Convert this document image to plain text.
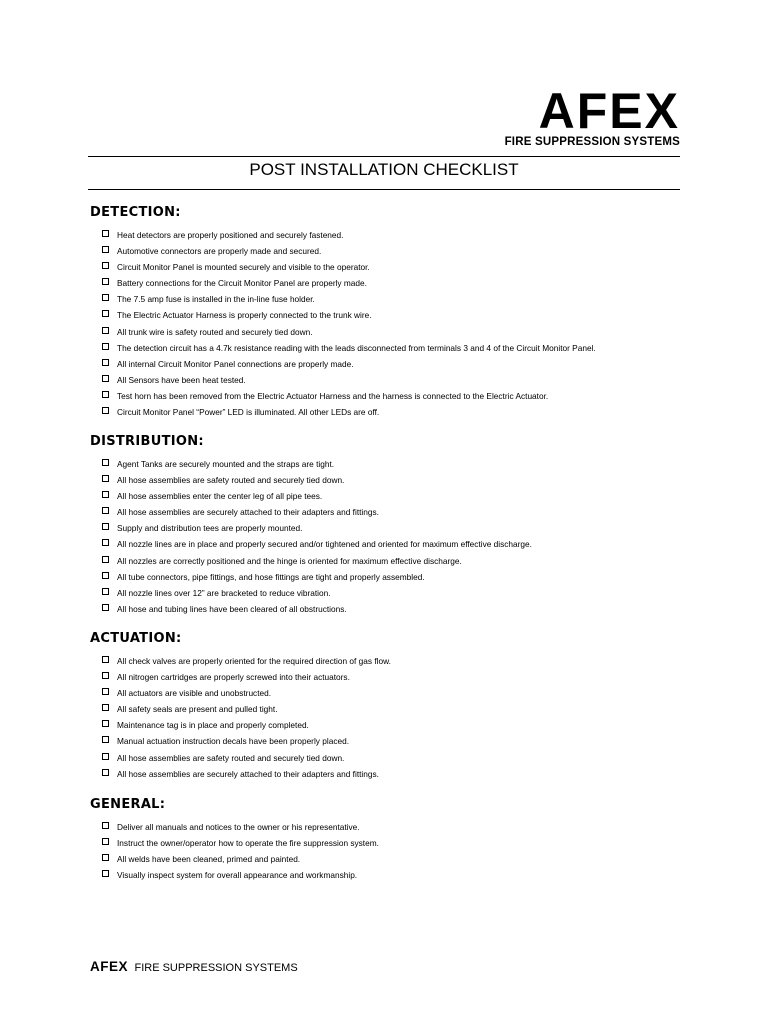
AFEX
FIRE SUPPRESSION SYSTEMS
POST INSTALLATION CHECKLIST
DETECTION:
Heat detectors are properly positioned and securely fastened.
Automotive connectors are properly made and secured.
Circuit Monitor Panel is mounted securely and visible to the operator.
Battery connections for the Circuit Monitor Panel are properly made.
The 7.5 amp fuse is installed in the in-line fuse holder.
The Electric Actuator Harness is properly connected to the trunk wire.
All trunk wire is safety routed and securely tied down.
The detection circuit has a 4.7k resistance reading with the leads disconnected from terminals 3 and 4 of the Circuit Monitor Panel.
All internal Circuit Monitor Panel connections are properly made.
All Sensors have been heat tested.
Test horn has been removed from the Electric Actuator Harness and the harness is connected to the Electric Actuator.
Circuit Monitor Panel “Power” LED is illuminated. All other LEDs are off.
DISTRIBUTION:
Agent Tanks are securely mounted and the straps are tight.
All hose assemblies are safety routed and securely tied down.
All hose assemblies enter the center leg of all pipe tees.
All hose assemblies are securely attached to their adapters and fittings.
Supply and distribution tees are properly mounted.
All nozzle lines are in place and properly secured and/or tightened and oriented for maximum effective discharge.
All nozzles are correctly positioned and the hinge is oriented for maximum effective discharge.
All tube connectors, pipe fittings, and hose fittings are tight and properly assembled.
All nozzle lines over 12” are bracketed to reduce vibration.
All hose and tubing lines have been cleared of all obstructions.
ACTUATION:
All check valves are properly oriented for the required direction of gas flow.
All nitrogen cartridges are properly screwed into their actuators.
All actuators are visible and unobstructed.
All safety seals are present and pulled tight.
Maintenance tag is in place and properly completed.
Manual actuation instruction decals have been properly placed.
All hose assemblies are safety routed and securely tied down.
All hose assemblies are securely attached to their adapters and fittings.
GENERAL:
Deliver all manuals and notices to the owner or his representative.
Instruct the owner/operator how to operate the fire suppression system.
All welds have been cleaned, primed and painted.
Visually inspect system for overall appearance and workmanship.
AFEX FIRE SUPPRESSION SYSTEMS
